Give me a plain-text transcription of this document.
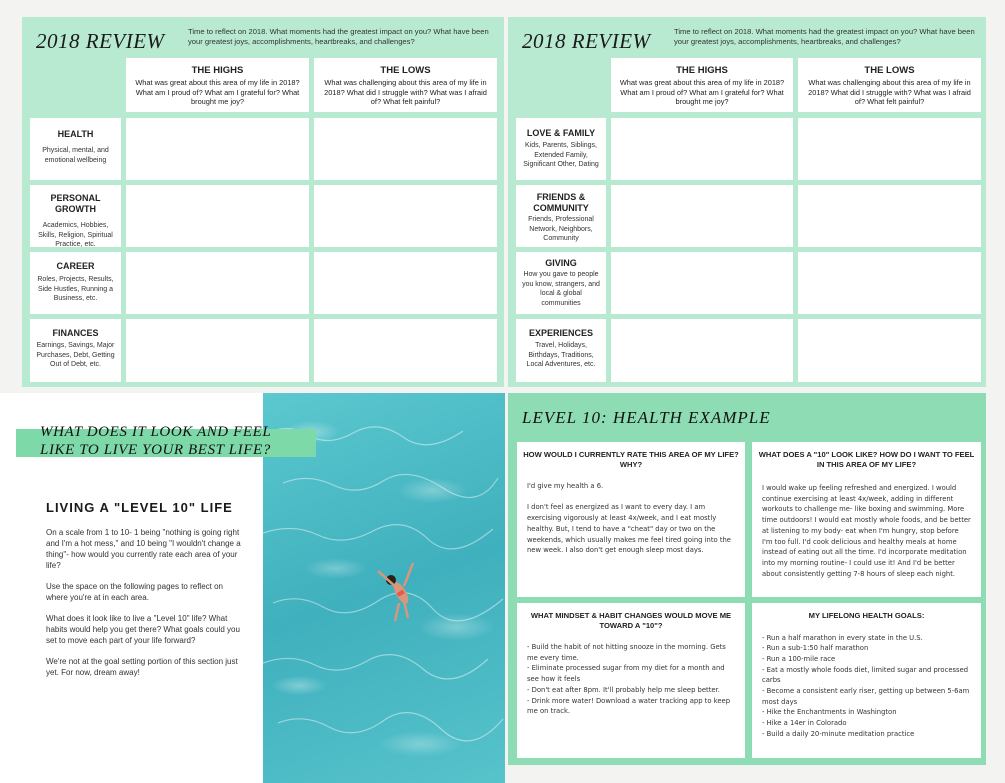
2018 REVIEW	Time to reflect on 2018. What moments had the greatest impact on you? What have been your greatest joys, accomplishments, heartbreaks, and challenges?
THE HIGHS
What was great about this area of my life in 2018? What am I proud of? What am I grateful for? What brought me joy?
THE LOWS
What was challenging about this area of my life in 2018? What did I struggle with? What was I afraid of? What felt painful?
HEALTH
Physical, mental, and emotional wellbeing
PERSONAL GROWTH
Academics, Hobbies, Skills, Religion, Spiritual Practice, etc.
CAREER
Roles, Projects, Results, Side Hustles, Running a Business, etc.
FINANCES
Earnings, Savings, Major Purchases, Debt, Getting Out of Debt, etc.
2018 REVIEW	Time to reflect on 2018. What moments had the greatest impact on you? What have been your greatest joys, accomplishments, heartbreaks, and challenges?
THE HIGHS
What was great about this area of my life in 2018? What am I proud of? What am I grateful for? What brought me joy?
THE LOWS
What was challenging about this area of my life in 2018? What did I struggle with? What was I afraid of? What felt painful?
LOVE & FAMILY
Kids, Parents, Siblings, Extended Family, Significant Other, Dating
FRIENDS & COMMUNITY
Friends, Professional Network, Neighbors, Community
GIVING
How you gave to people you know, strangers, and local & global communities
EXPERIENCES
Travel, Holidays, Birthdays, Traditions, Local Adventures, etc.
WHAT DOES IT LOOK AND FEEL LIKE TO LIVE YOUR BEST LIFE?
LIVING A "LEVEL 10" LIFE

On a scale from 1 to 10- 1 being "nothing is going right and I'm a hot mess," and 10 being "I wouldn't change a thing"- how would you currently rate each area of your life?

Use the space on the following pages to reflect on where you're at in each area.

What does it look like to live a "Level 10" life? What habits would help you get there? What goals could you set to move each part of your life forward?

We're not at the goal setting portion of this section just yet. For now, dream away!

LEVEL 10: HEALTH EXAMPLE
HOW WOULD I CURRENTLY RATE THIS AREA OF MY LIFE? WHY?
I'd give my health a 6.

I don't feel as energized as I want to every day. I am exercising vigorously at least 4x/week, and I eat mostly healthy. But, I tend to have a "cheat" day or two on the weekends, which usually makes me feel tired going into the new week. I also don't get enough sleep most days.
WHAT DOES A "10" LOOK LIKE? HOW DO I WANT TO FEEL IN THIS AREA OF MY LIFE?
I would wake up feeling refreshed and energized. I would continue exercising at least 4x/week, adding in different workouts to challenge me- like boxing and swimming. More time outdoors! I would eat mostly whole foods, and be better at listening to my body- eat when I'm hungry, stop before I'm too full. I'd cook delicious and healthy meals at home instead of eating out all the time. I'd incorporate meditation into my morning routine- I could use it! And I'd be better about consistently getting 7-8 hours of sleep each night.
WHAT MINDSET & HABIT CHANGES WOULD MOVE ME TOWARD A "10"?
- Build the habit of not hitting snooze in the morning. Gets me every time.
- Eliminate processed sugar from my diet for a month and see how it feels
- Don't eat after 8pm. It'll probably help me sleep better.
- Drink more water! Download a water tracking app to keep me on track.
MY LIFELONG HEALTH GOALS:
- Run a half marathon in every state in the U.S.
- Run a sub-1:50 half marathon
- Run a 100-mile race
- Eat a mostly whole foods diet, limited sugar and processed carbs
- Become a consistent early riser, getting up between 5-6am most days
- Hike the Enchantments in Washington
- Hike a 14er in Colorado
- Build a daily 20-minute meditation practice
